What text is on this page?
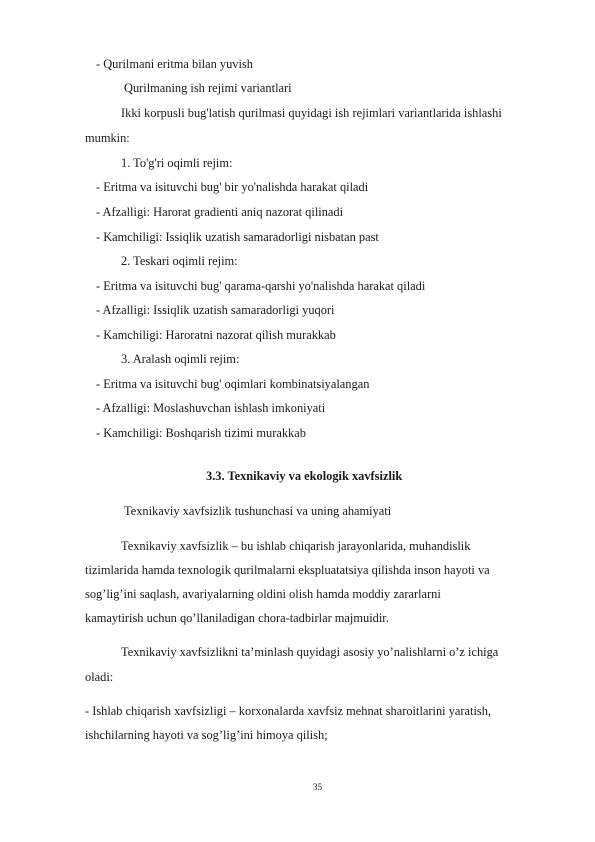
- Qurilmani eritma bilan yuvish
Qurilmaning ish rejimi variantlari
Ikki korpusli bug'latish qurilmasi quyidagi ish rejimlari variantlarida ishlashi
mumkin:
1. To'g'ri oqimli rejim:
- Eritma va isituvchi bug' bir yo'nalishda harakat qiladi
- Afzalligi: Harorat gradienti aniq nazorat qilinadi
- Kamchiligi: Issiqlik uzatish samaradorligi nisbatan past
2. Teskari oqimli rejim:
- Eritma va isituvchi bug' qarama-qarshi yo'nalishda harakat qiladi
- Afzalligi: Issiqlik uzatish samaradorligi yuqori
- Kamchiligi: Haroratni nazorat qilish murakkab
3. Aralash oqimli rejim:
- Eritma va isituvchi bug' oqimlari kombinatsiyalangan
- Afzalligi: Moslashuvchan ishlash imkoniyati
- Kamchiligi: Boshqarish tizimi murakkab
3.3. Texnikaviy va ekologik xavfsizlik
Texnikaviy xavfsizlik tushunchasi va uning ahamiyati
Texnikaviy xavfsizlik – bu ishlab chiqarish jarayonlarida, muhandislik
tizimlarida hamda texnologik qurilmalarni ekspluatatsiya qilishda inson hayoti va
sog’lig’ini saqlash, avariyalarning oldini olish hamda moddiy zararlarni
kamaytirish uchun qo’llaniladigan chora-tadbirlar majmuidir.
Texnikaviy xavfsizlikni ta’minlash quyidagi asosiy yo’nalishlarni o’z ichiga
oladi:
- Ishlab chiqarish xavfsizligi – korxonalarda xavfsiz mehnat sharoitlarini yaratish,
ishchilarning hayoti va sog’lig’ini himoya qilish;
35
